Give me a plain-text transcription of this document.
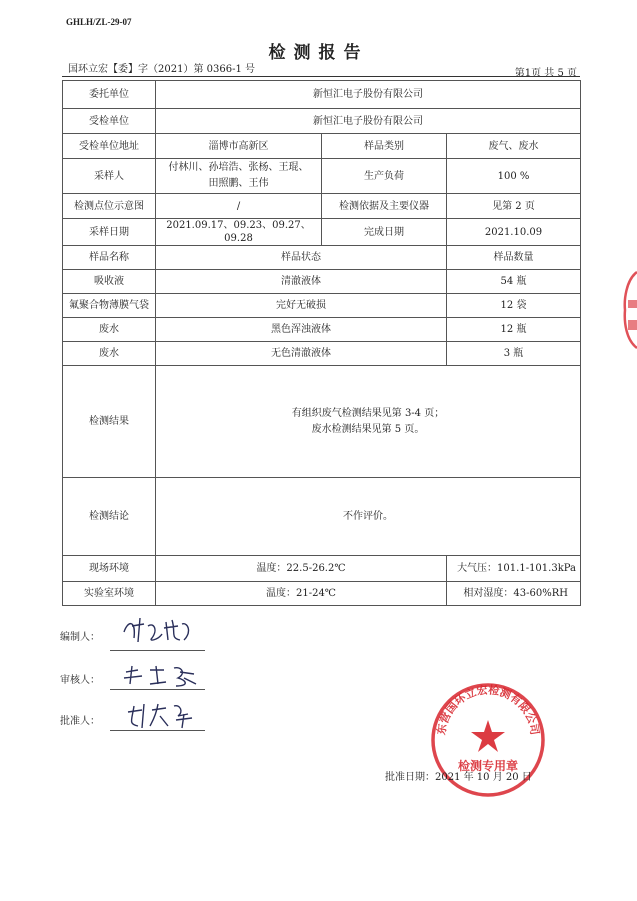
GHLH/ZL-29-07
检测报告
国环立宏【委】字（2021）第 0366-1 号	第1页 共 5 页
委托单位	新恒汇电子股份有限公司		
受检单位	新恒汇电子股份有限公司		
受检单位地址	淄博市高新区	样品类别	废气、废水
采样人	付林川、孙培浩、张杨、王琨、
田照鹏、王伟	生产负荷	100 %
检测点位示意图	/	检测依据及主要仪器	见第 2 页
采样日期	2021.09.17、09.23、09.27、09.28	完成日期	2021.10.09
样品名称	样品状态		样品数量
吸收液	清澈液体		54 瓶
氟聚合物薄膜气袋	完好无破损		12 袋
废水	黑色浑浊液体		12 瓶
废水	无色清澈液体		3 瓶
检测结果	有组织废气检测结果见第 3-4 页；
废水检测结果见第 5 页。		

检测结论	不作评价。		
现场环境	温度：22.5-26.2℃		大气压：101.1-101.3kPa
实验室环境	温度：21-24℃		相对湿度：43-60%RH
编制人：
审核人：
批准人：
东营国环立宏检测有限公司
检测专用章
批准日期：2021 年 10 月 20 日
